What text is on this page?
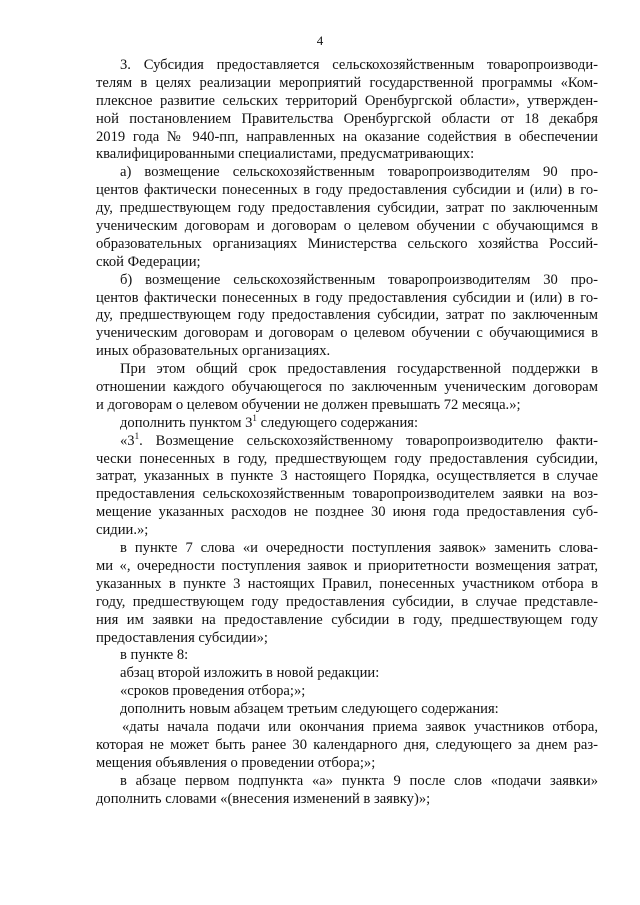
4
3. Субсидия предоставляется сельскохозяйственным товаропроизводи-
телям в целях реализации мероприятий государственной программы «Ком-
плексное развитие сельских территорий Оренбургской области», утвержден-
ной постановлением Правительства Оренбургской области от 18 декабря
2019 года № 940-пп, направленных на оказание содействия в обеспечении
квалифицированными специалистами, предусматривающих:
а) возмещение сельскохозяйственным товаропроизводителям 90 про-
центов фактически понесенных в году предоставления субсидии и (или) в го-
ду, предшествующем году предоставления субсидии, затрат по заключенным
ученическим договорам и договорам о целевом обучении с обучающимся в
образовательных организациях Министерства сельского хозяйства Россий-
ской Федерации;
б) возмещение сельскохозяйственным товаропроизводителям 30 про-
центов фактически понесенных в году предоставления субсидии и (или) в го-
ду, предшествующем году предоставления субсидии, затрат по заключенным
ученическим договорам и договорам о целевом обучении с обучающимися в
иных образовательных организациях.
При этом общий срок предоставления государственной поддержки в
отношении каждого обучающегося по заключенным ученическим договорам
и договорам о целевом обучении не должен превышать 72 месяца.»;
дополнить пунктом $3^1$ следующего содержания:
«$3^1$. Возмещение сельскохозяйственному товаропроизводителю факти-
чески понесенных в году, предшествующем году предоставления субсидии,
затрат, указанных в пункте 3 настоящего Порядка, осуществляется в случае
предоставления сельскохозяйственным товаропроизводителем заявки на воз-
мещение указанных расходов не позднее 30 июня года предоставления суб-
сидии.»;
в пункте 7 слова «и очередности поступления заявок» заменить слова-
ми «, очередности поступления заявок и приоритетности возмещения затрат,
указанных в пункте 3 настоящих Правил, понесенных участником отбора в
году, предшествующем году предоставления субсидии, в случае представле-
ния им заявки на предоставление субсидии в году, предшествующем году
предоставления субсидии»;
в пункте 8:
абзац второй изложить в новой редакции:
«сроков проведения отбора;»;
дополнить новым абзацем третьим следующего содержания:
«даты начала подачи или окончания приема заявок участников отбора,
которая не может быть ранее 30 календарного дня, следующего за днем раз-
мещения объявления о проведении отбора;»;
в абзаце первом подпункта «а» пункта 9 после слов «подачи заявки»
дополнить словами «(внесения изменений в заявку)»;
